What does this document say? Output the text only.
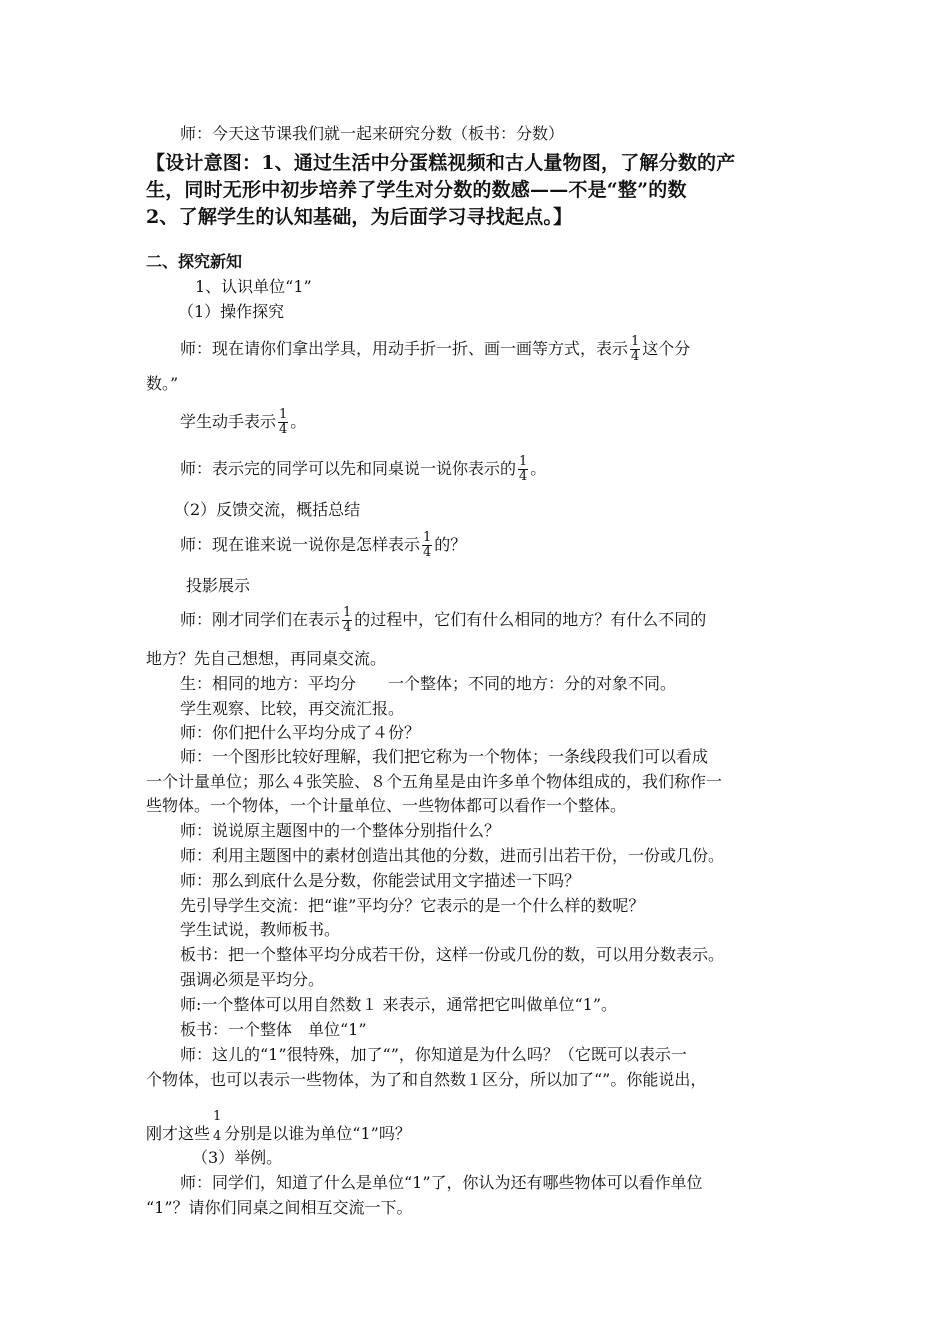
师：今天这节课我们就一起来研究分数（板书：分数）
【设计意图：1、通过生活中分蛋糕视频和古人量物图，了解分数的产
生，同时无形中初步培养了学生对分数的数感——不是“整”的数
2、了解学生的认知基础，为后面学习寻找起点。】
二、探究新知
1、认识单位“1”
（1）操作探究
师：现在请你们拿出学具，用动手折一折、画一画等方式，表示 $\frac{1}{4}$ 这个分
数。”
学生动手表示 $\frac{1}{4}$ 。
师：表示完的同学可以先和同桌说一说你表示的 $\frac{1}{4}$ 。
（2）反馈交流，概括总结
师：现在谁来说一说你是怎样表示 $\frac{1}{4}$ 的？
投影展示
师：刚才同学们在表示 $\frac{1}{4}$ 的过程中，它们有什么相同的地方？有什么不同的
地方？先自己想想，再同桌交流。
生：相同的地方：平均分　　一个整体；不同的地方：分的对象不同。
学生观察、比较，再交流汇报。
师：你们把什么平均分成了４份？
师：一个图形比较好理解，我们把它称为一个物体；一条线段我们可以看成
一个计量单位；那么４张笑脸、８个五角星是由许多单个物体组成的，我们称作一
些物体。一个物体，一个计量单位、一些物体都可以看作一个整体。
师：说说原主题图中的一个整体分别指什么？
师：利用主题图中的素材创造出其他的分数，进而引出若干份，一份或几份。
师：那么到底什么是分数，你能尝试用文字描述一下吗？
先引导学生交流：把“谁”平均分？它表示的是一个什么样的数呢？
学生试说，教师板书。
板书：把一个整体平均分成若干份，这样一份或几份的数，可以用分数表示。
强调必须是平均分。
师:一个整体可以用自然数１ 来表示，通常把它叫做单位“1”。
板书：一个整体　单位“1”
师：这儿的“1”很特殊，加了“”，你知道是为什么吗？（它既可以表示一
个物体，也可以表示一些物体，为了和自然数１区分，所以加了“”。你能说出，
刚才这些
1
4 分别是以谁为单位“1”吗？
（3）举例。
师：同学们，知道了什么是单位“1”了，你认为还有哪些物体可以看作单位
“1”？请你们同桌之间相互交流一下。
